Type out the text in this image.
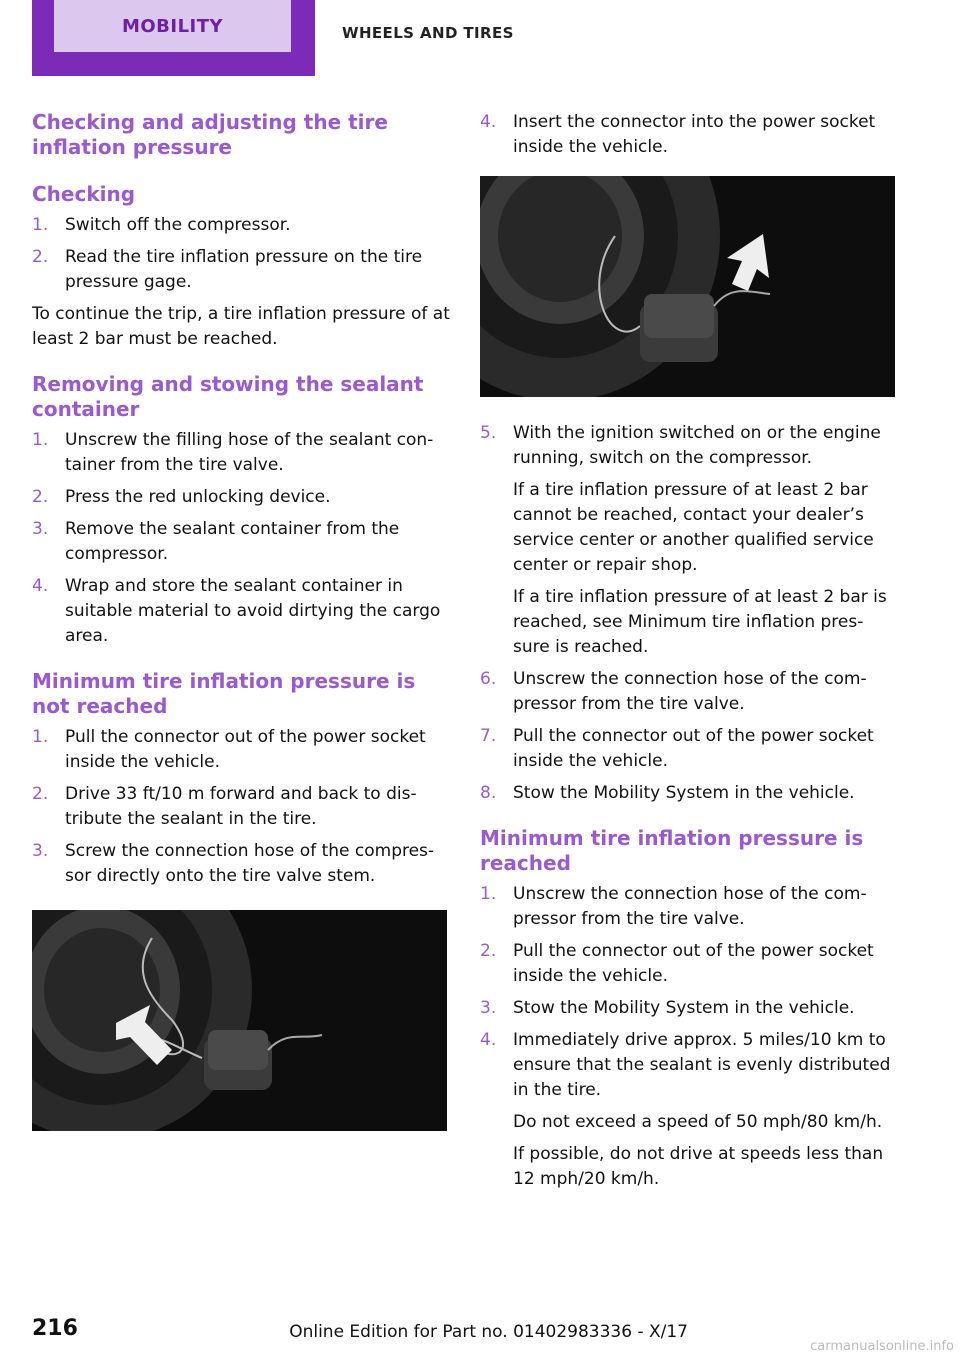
MOBILITY	WHEELS AND TIRES
Checking and adjusting the tire inflation pressure
Checking
1. Switch off the compressor.
2. Read the tire inflation pressure on the tire pressure gage.

To continue the trip, a tire inflation pressure of at least 2 bar must be reached.

Removing and stowing the sealant container
1. Unscrew the filling hose of the sealant con‐tainer from the tire valve.
2. Press the red unlocking device.
3. Remove the sealant container from the compressor.
4. Wrap and store the sealant container in suitable material to avoid dirtying the cargo area.
Minimum tire inflation pressure is not reached
1. Pull the connector out of the power socket inside the vehicle.
2. Drive 33 ft/10 m forward and back to dis‐tribute the sealant in the tire.
3. Screw the connection hose of the compres‐sor directly onto the tire valve stem.
4. Insert the connector into the power socket inside the vehicle.
5. With the ignition switched on or the engine running, switch on the compressor.
If a tire inflation pressure of at least 2 bar cannot be reached, contact your dealer’s service center or another qualified service center or repair shop.
If a tire inflation pressure of at least 2 bar is reached, see Minimum tire inflation pres‐sure is reached.
6. Unscrew the connection hose of the com‐pressor from the tire valve.
7. Pull the connector out of the power socket inside the vehicle.
8. Stow the Mobility System in the vehicle.
Minimum tire inflation pressure is reached
1. Unscrew the connection hose of the com‐pressor from the tire valve.
2. Pull the connector out of the power socket inside the vehicle.
3. Stow the Mobility System in the vehicle.
4. Immediately drive approx. 5 miles/10 km to ensure that the sealant is evenly distributed in the tire.
Do not exceed a speed of 50 mph/80 km/h.
If possible, do not drive at speeds less than 12 mph/20 km/h.
216	Online Edition for Part no. 01402983336 - X/17
carmanualsonline.info
